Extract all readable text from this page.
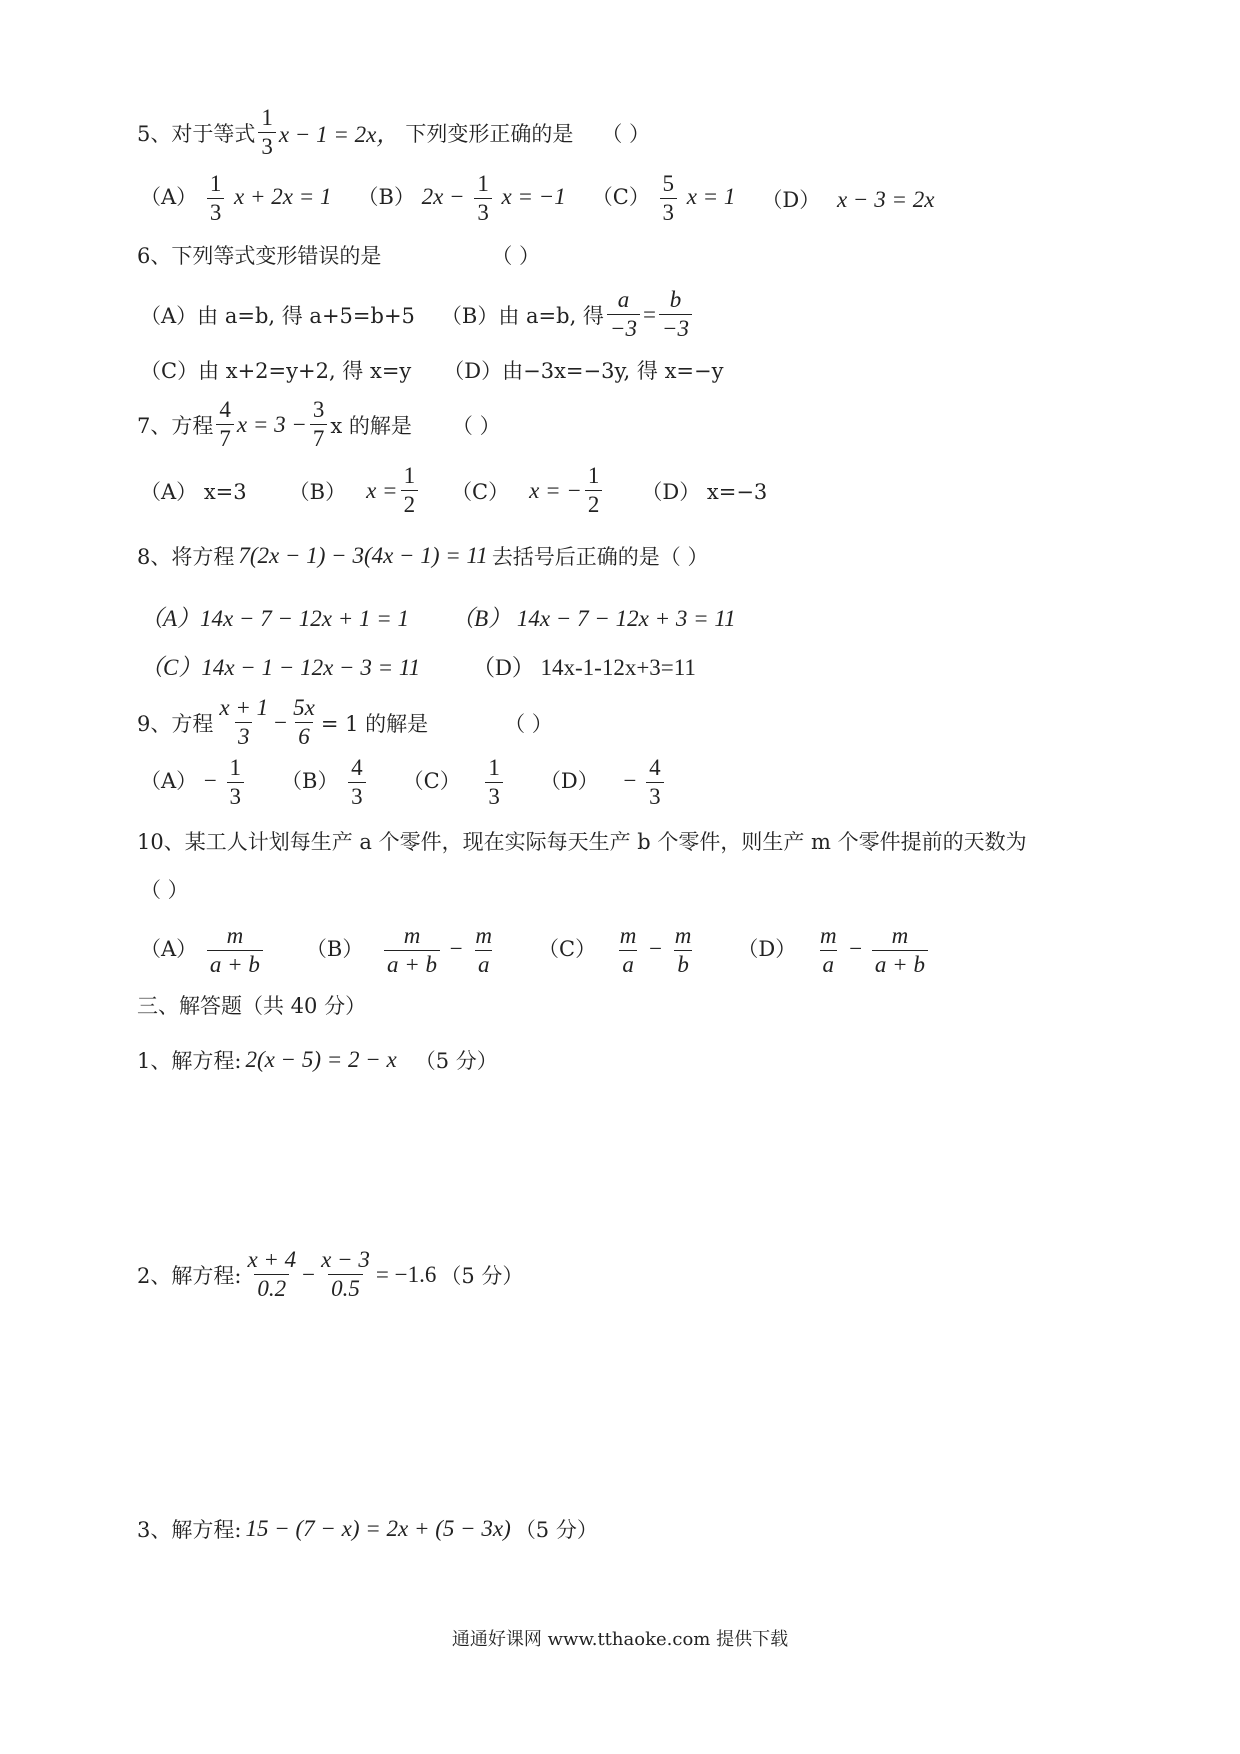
5、对于等式 $\frac{1}{3}$ x − 1 = 2x， 下列变形正确的是 （ ）
$(A) \frac{1}{3}$ x + 2x = 1 （B） $2x - \frac{1}{3}$ x = −1 $(C) \frac{5}{3}$ x = 1 （D） x − 3 = 2x
6、下列等式变形错误的是	（ ）
（A）由 a=b, 得 a+5=b+5 （B）由 a=b, 得 $\frac{a}{-3} = \frac{b}{-3}$
（C）由 x+2=y+2, 得 x=y （D）由−3x=−3y, 得 x=−y
7、方程 $\frac{4}{7}$ $x = 3 - \frac{3}{7}$ x 的解是 （ ）
（A） x=3 （B） $x = \frac{1}{2} (C) x$ = − $\frac{1}{2} (D)$ x=−3
8、将方程 7(2x − 1) − 3(4x − 1) = 11 去括号后正确的是（ ）
（A）14x − 7 − 12x + 1 = 1 （B） 14x − 7 − 12x + 3 = 11
（C）14x − 1 − 12x − 3 = 11 （D） 14x-1-12x+3=11
9、方程 $\frac{x + 1}{3} - \frac{5x}{6} = 1$ 的解是	（ ）
$(A) - \frac{1}{3} (B) \frac{4}{3} (C) \frac{1}{3} (D) - \frac{4}{3}$
10、某工人计划每生产 a 个零件，现在实际每天生产 b 个零件，则生产 m 个零件提前的天数为
（ ）
$(A) \frac{m}{a + b} (B) \frac{m}{a + b} - \frac{m}{a} (C) \frac{m}{a} - \frac{m}{b} (D) \frac{m}{a} - \frac{m}{a + b}$
三、解答题（共 40 分）
1、解方程: 2(x − 5) = 2 − x （5 分）
2、解方程: $\frac{x + 4}{0.2} - \frac{x - 3}{0.5} = -1.6$ （5 分）
3、解方程: 15 − (7 − x) = 2x + (5 − 3x) （5 分）
通通好课网 www.tthaoke.com 提供下载
